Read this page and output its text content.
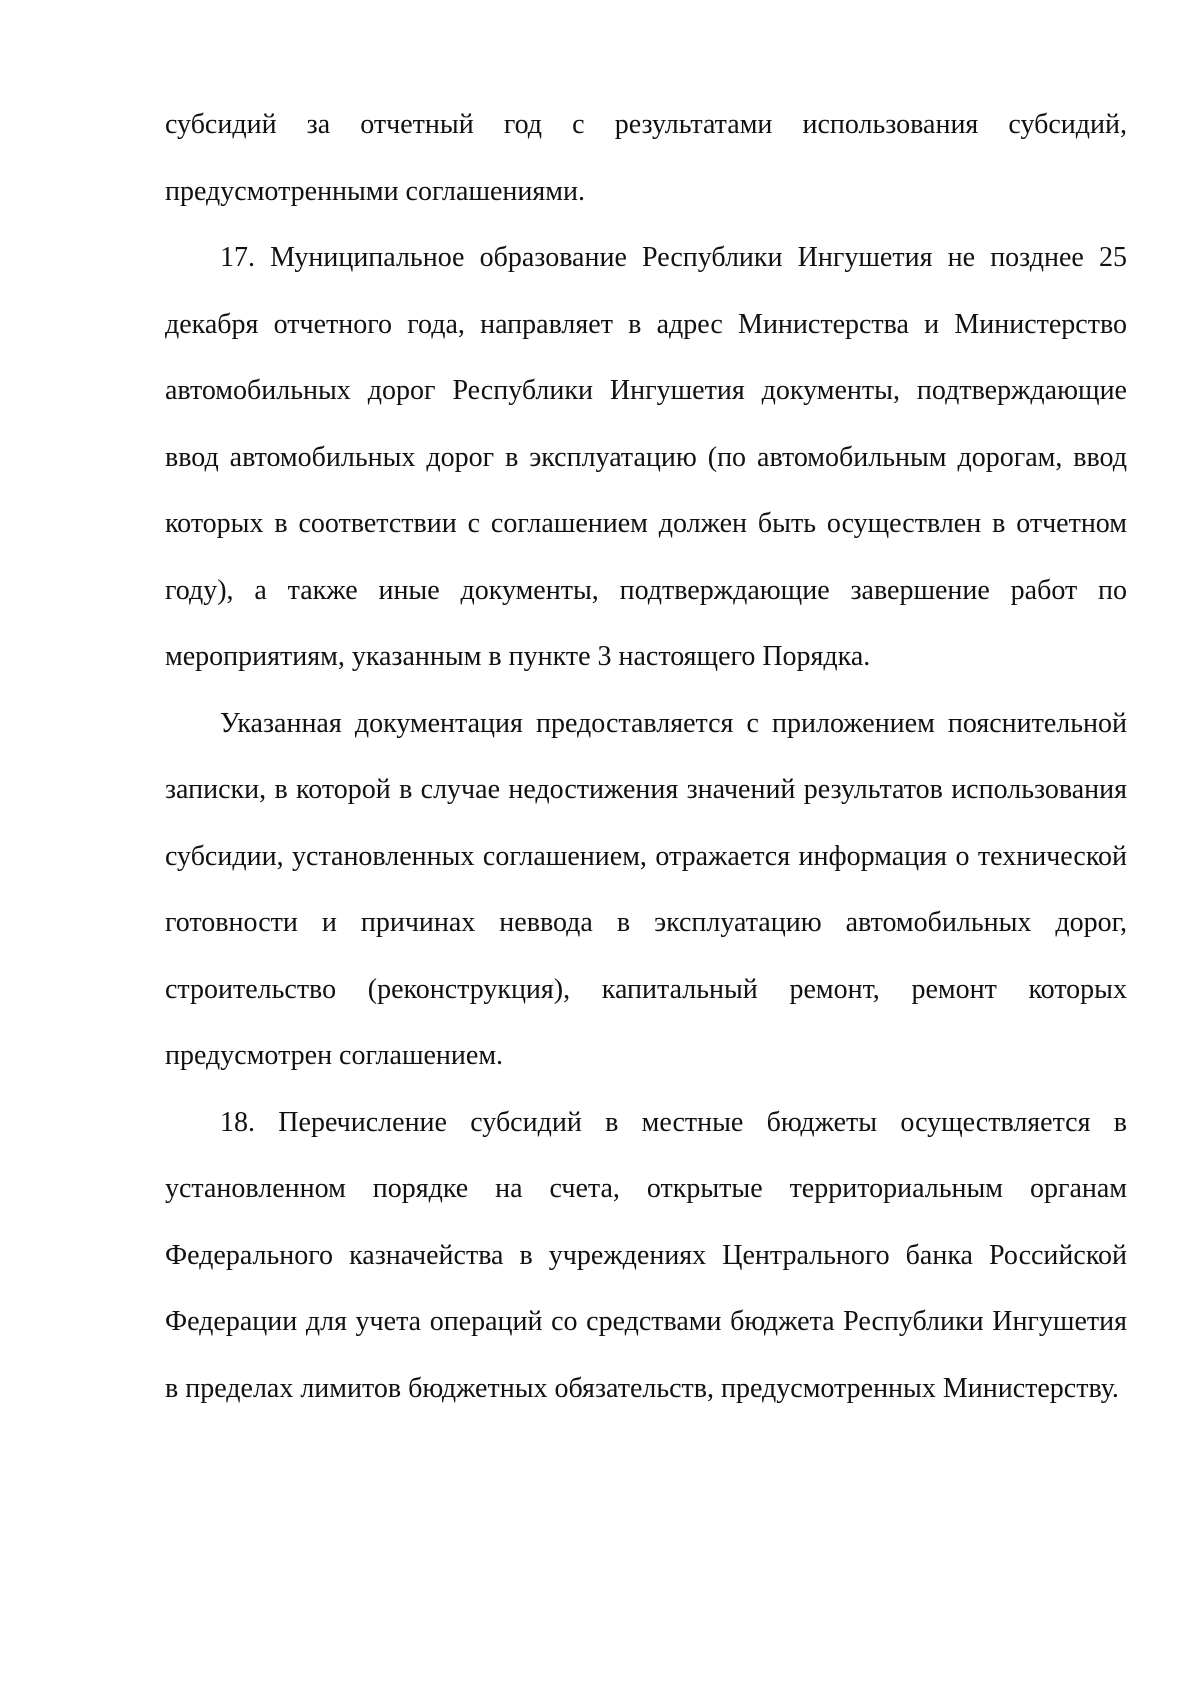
субсидий за отчетный год с результатами использования субсидий, предусмотренными соглашениями.

17. Муниципальное образование Республики Ингушетия не позднее 25 декабря отчетного года, направляет в адрес Министерства и Министерство автомобильных дорог Республики Ингушетия документы, подтверждающие ввод автомобильных дорог в эксплуатацию (по автомобильным дорогам, ввод которых в соответствии с соглашением должен быть осуществлен в отчетном году), а также иные документы, подтверждающие завершение работ по мероприятиям, указанным в пункте 3 настоящего Порядка.

Указанная документация предоставляется с приложением пояснительной записки, в которой в случае недостижения значений результатов использования субсидии, установленных соглашением, отражается информация о технической готовности и причинах неввода в эксплуатацию автомобильных дорог, строительство (реконструкция), капитальный ремонт, ремонт которых предусмотрен соглашением.

18. Перечисление субсидий в местные бюджеты осуществляется в установленном порядке на счета, открытые территориальным органам Федерального казначейства в учреждениях Центрального банка Российской Федерации для учета операций со средствами бюджета Республики Ингушетия в пределах лимитов бюджетных обязательств, предусмотренных Министерству.
